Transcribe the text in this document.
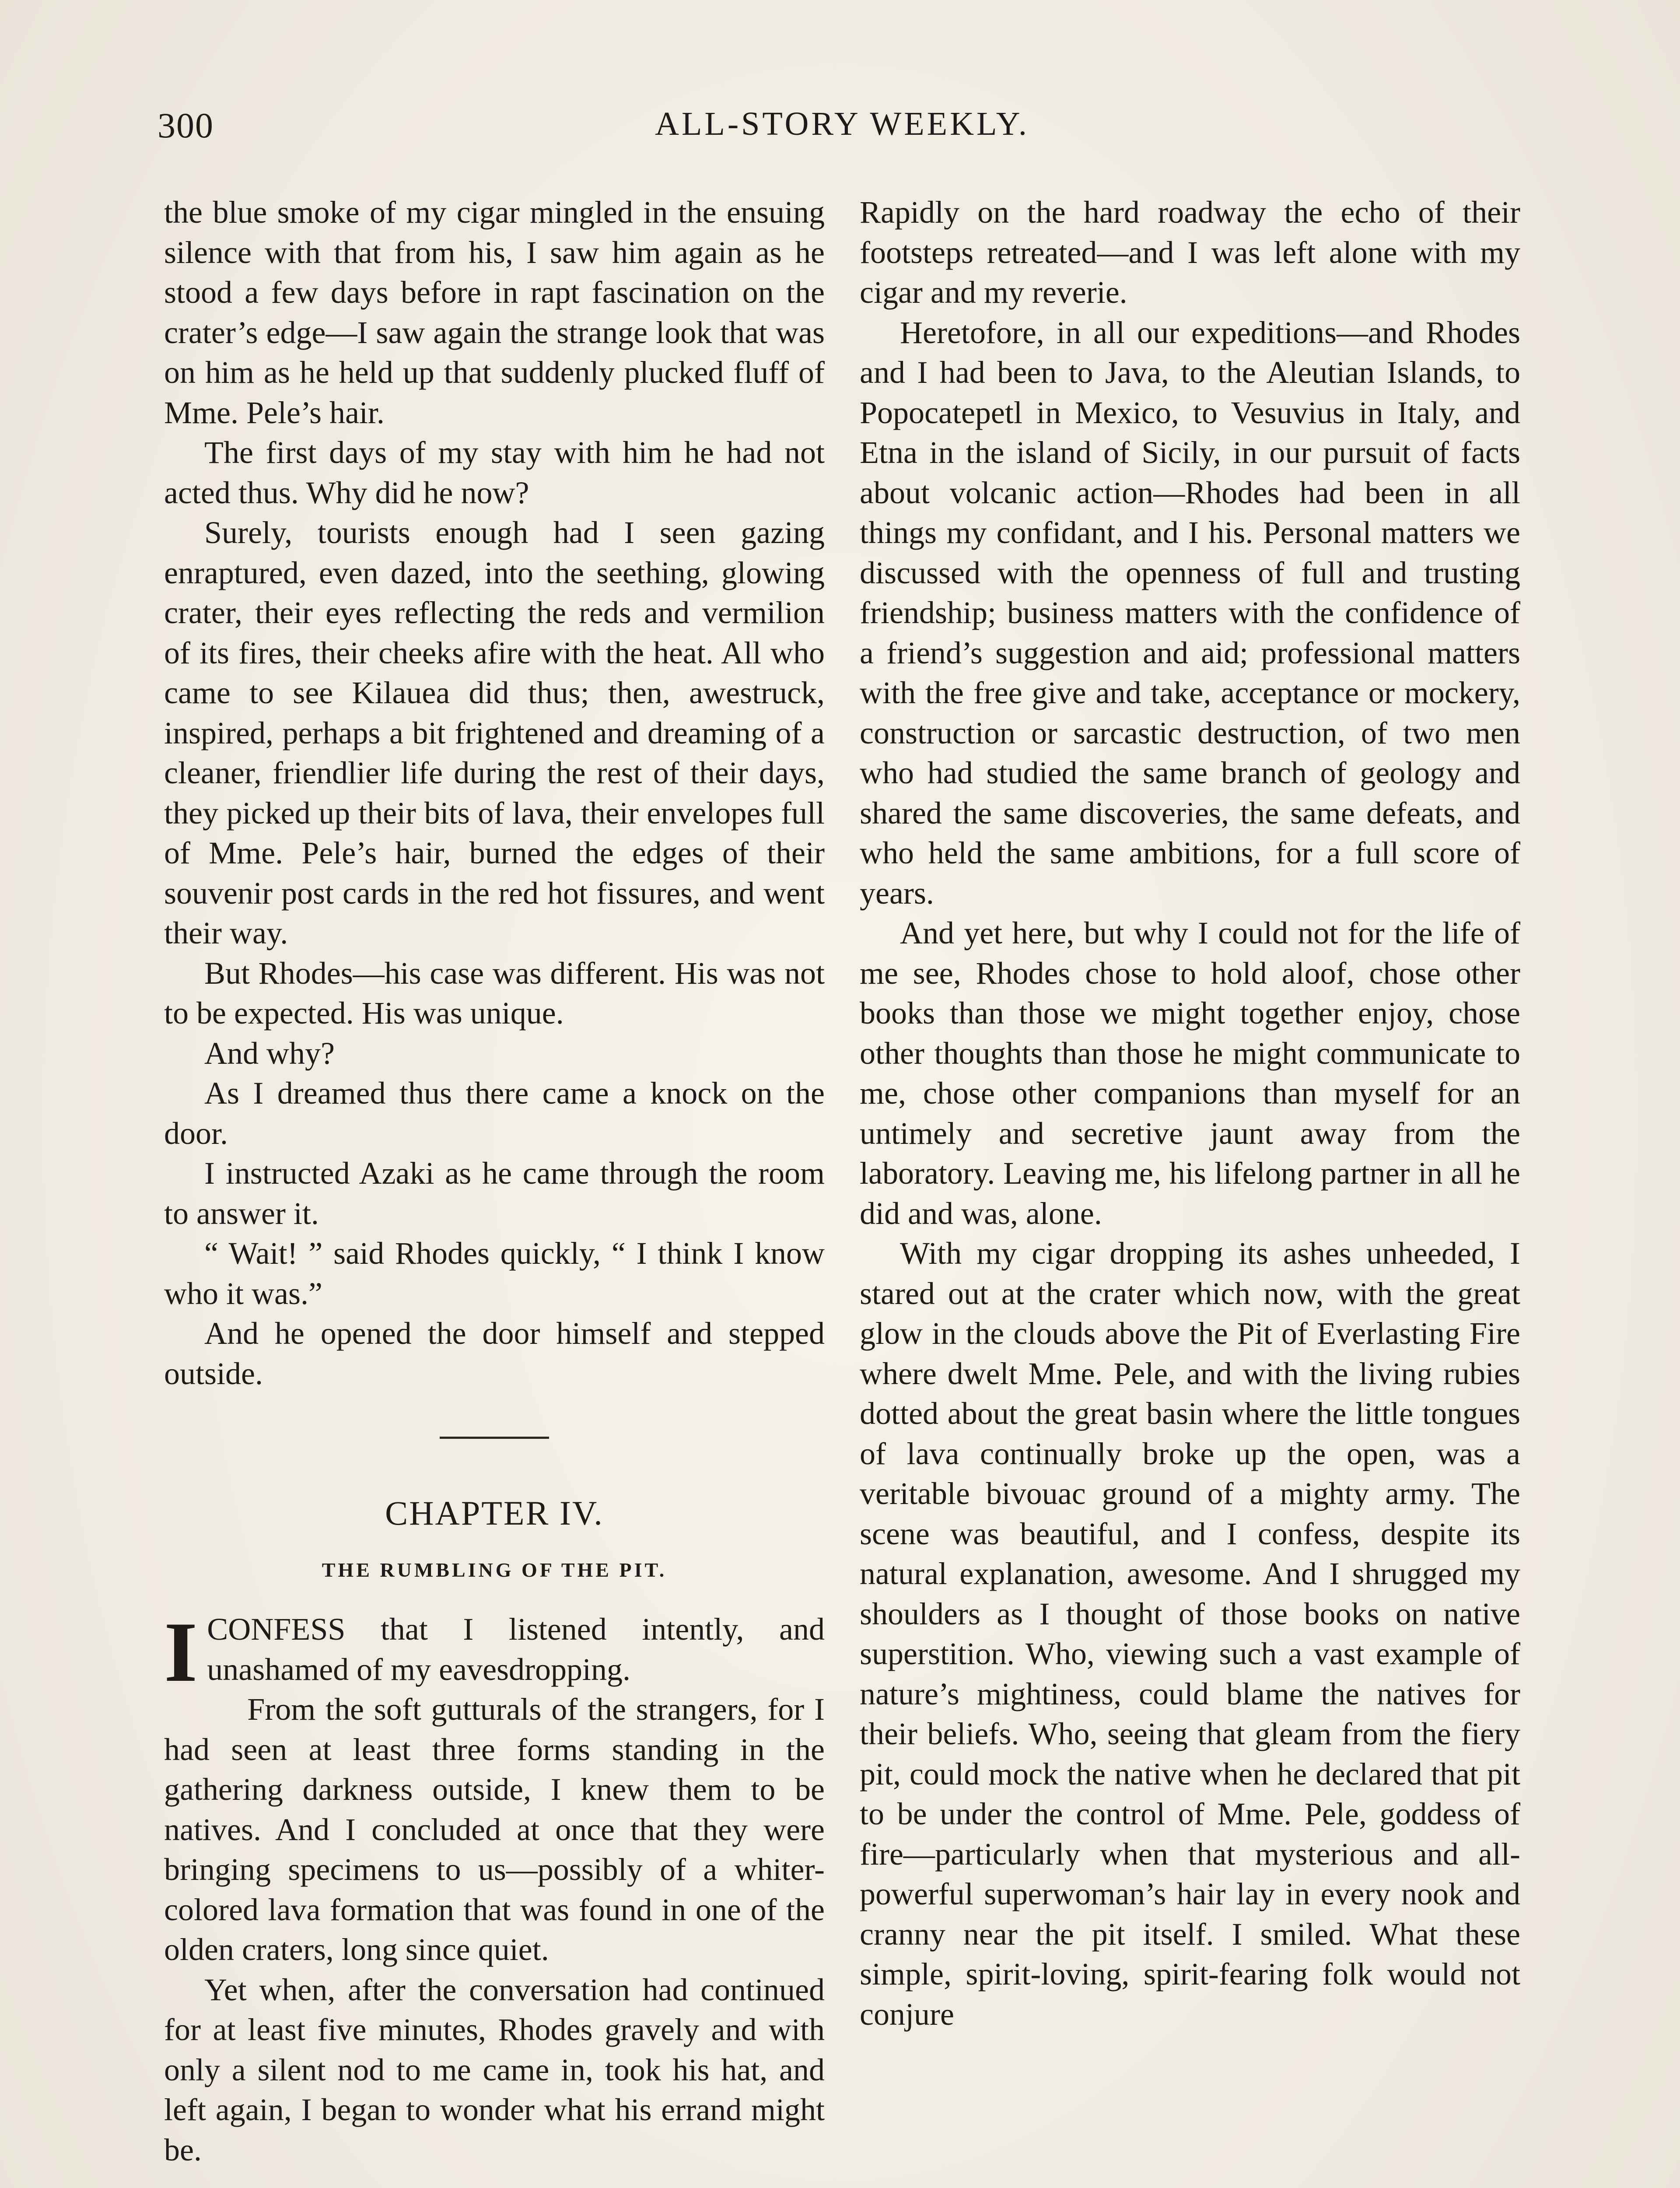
300	ALL-STORY WEEKLY.

the blue smoke of my cigar mingled in the ensuing silence with that from his, I saw him again as he stood a few days before in rapt fascination on the crater’s edge—I saw again the strange look that was on him as he held up that suddenly plucked fluff of Mme. Pele’s hair.

The first days of my stay with him he had not acted thus. Why did he now?

Surely, tourists enough had I seen gazing enraptured, even dazed, into the seething, glowing crater, their eyes reflecting the reds and vermilion of its fires, their cheeks afire with the heat. All who came to see Kilauea did thus; then, awestruck, inspired, perhaps a bit frightened and dreaming of a cleaner, friendlier life during the rest of their days, they picked up their bits of lava, their envelopes full of Mme. Pele’s hair, burned the edges of their souvenir post cards in the red hot fissures, and went their way.

But Rhodes—his case was different. His was not to be expected. His was unique.

And why?

As I dreamed thus there came a knock on the door.

I instructed Azaki as he came through the room to answer it.

“ Wait! ” said Rhodes quickly, “ I think I know who it was.”

And he opened the door himself and stepped outside.

CHAPTER IV.
THE RUMBLING OF THE PIT.

I CONFESS that I listened intently, and unashamed of my eavesdropping.

From the soft gutturals of the strangers, for I had seen at least three forms standing in the gathering darkness outside, I knew them to be natives. And I concluded at once that they were bringing specimens to us—possibly of a whiter-colored lava formation that was found in one of the olden craters, long since quiet.

Yet when, after the conversation had continued for at least five minutes, Rhodes gravely and with only a silent nod to me came in, took his hat, and left again, I began to wonder what his errand might be.

Rapidly on the hard roadway the echo of their footsteps retreated—and I was left alone with my cigar and my reverie.

Heretofore, in all our expeditions—and Rhodes and I had been to Java, to the Aleutian Islands, to Popocatepetl in Mexico, to Vesuvius in Italy, and Etna in the island of Sicily, in our pursuit of facts about volcanic action—Rhodes had been in all things my confidant, and I his. Personal matters we discussed with the openness of full and trusting friendship; business matters with the confidence of a friend’s suggestion and aid; professional matters with the free give and take, acceptance or mockery, construction or sarcastic destruction, of two men who had studied the same branch of geology and shared the same discoveries, the same defeats, and who held the same ambitions, for a full score of years.

And yet here, but why I could not for the life of me see, Rhodes chose to hold aloof, chose other books than those we might together enjoy, chose other thoughts than those he might communicate to me, chose other companions than myself for an untimely and secretive jaunt away from the laboratory. Leaving me, his lifelong partner in all he did and was, alone.

With my cigar dropping its ashes unheeded, I stared out at the crater which now, with the great glow in the clouds above the Pit of Everlasting Fire where dwelt Mme. Pele, and with the living rubies dotted about the great basin where the little tongues of lava continually broke up the open, was a veritable bivouac ground of a mighty army. The scene was beautiful, and I confess, despite its natural explanation, awesome. And I shrugged my shoulders as I thought of those books on native superstition. Who, viewing such a vast example of nature’s mightiness, could blame the natives for their beliefs. Who, seeing that gleam from the fiery pit, could mock the native when he declared that pit to be under the control of Mme. Pele, goddess of fire—particularly when that mysterious and all-powerful superwoman’s hair lay in every nook and cranny near the pit itself. I smiled. What these simple, spirit-loving, spirit-fearing folk would not conjure
